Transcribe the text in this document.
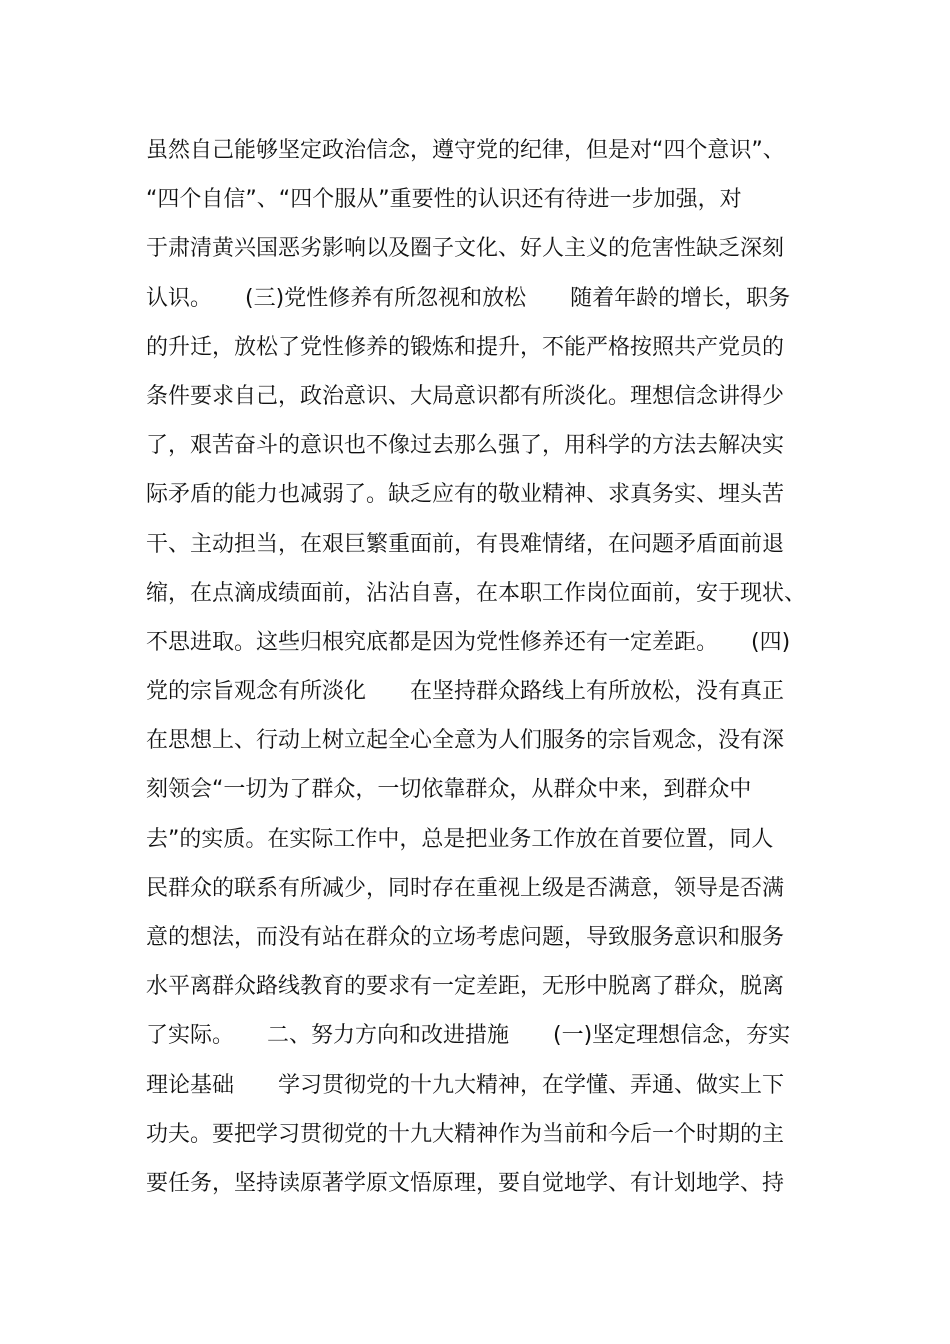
虽然自己能够坚定政治信念，遵守党的纪律，但是对“四个意识”、
“四个自信”、“四个服从”重要性的认识还有待进一步加强，对
于肃清黄兴国恶劣影响以及圈子文化、好人主义的危害性缺乏深刻
认识。　　(三)党性修养有所忽视和放松　　随着年龄的增长，职务
的升迁，放松了党性修养的锻炼和提升，不能严格按照共产党员的
条件要求自己，政治意识、大局意识都有所淡化。理想信念讲得少
了，艰苦奋斗的意识也不像过去那么强了，用科学的方法去解决实
际矛盾的能力也减弱了。缺乏应有的敬业精神、求真务实、埋头苦
干、主动担当，在艰巨繁重面前，有畏难情绪，在问题矛盾面前退
缩，在点滴成绩面前，沾沾自喜，在本职工作岗位面前，安于现状、
不思进取。这些归根究底都是因为党性修养还有一定差距。　　(四)
党的宗旨观念有所淡化　　在坚持群众路线上有所放松，没有真正
在思想上、行动上树立起全心全意为人们服务的宗旨观念，没有深
刻领会“一切为了群众，一切依靠群众，从群众中来，到群众中
去”的实质。在实际工作中，总是把业务工作放在首要位置，同人
民群众的联系有所减少，同时存在重视上级是否满意，领导是否满
意的想法，而没有站在群众的立场考虑问题，导致服务意识和服务
水平离群众路线教育的要求有一定差距，无形中脱离了群众，脱离
了实际。　　二、努力方向和改进措施　　(一)坚定理想信念，夯实
理论基础　　学习贯彻党的十九大精神，在学懂、弄通、做实上下
功夫。要把学习贯彻党的十九大精神作为当前和今后一个时期的主
要任务，坚持读原著学原文悟原理，要自觉地学、有计划地学、持
